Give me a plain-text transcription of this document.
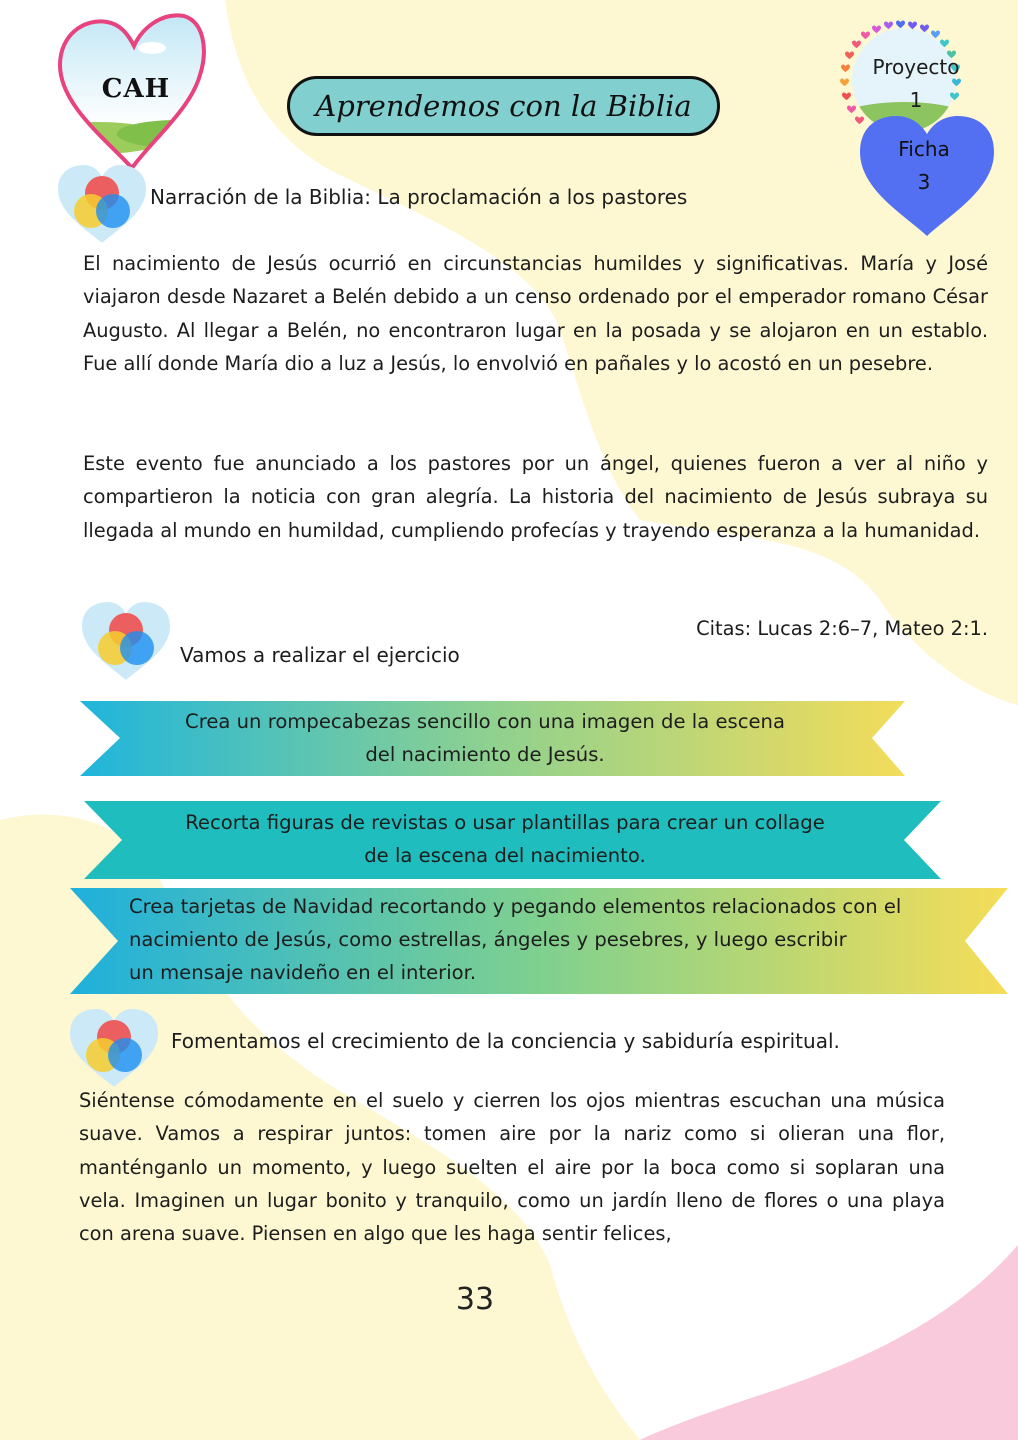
CAH	Aprendemos con la Biblia
Proyecto
1
Ficha
3
Narración de la Biblia: La proclamación a los pastores

El nacimiento de Jesús ocurrió en circunstancias humildes y significativas. María y José viajaron desde Nazaret a Belén debido a un censo ordenado por el emperador romano César Augusto. Al llegar a Belén, no encontraron lugar en la posada y se alojaron en un establo. Fue allí donde María dio a luz a Jesús, lo envolvió en pañales y lo acostó en un pesebre.

Este evento fue anunciado a los pastores por un ángel, quienes fueron a ver al niño y compartieron la noticia con gran alegría. La historia del nacimiento de Jesús subraya su llegada al mundo en humildad, cumpliendo profecías y trayendo esperanza a la humanidad.

Citas: Lucas 2:6–7, Mateo 2:1.
Vamos a realizar el ejercicio
Crea un rompecabezas sencillo con una imagen de la escena
del nacimiento de Jesús.
Recorta figuras de revistas o usar plantillas para crear un collage
de la escena del nacimiento.
Crea tarjetas de Navidad recortando y pegando elementos relacionados con el
nacimiento de Jesús, como estrellas, ángeles y pesebres, y luego escribir
un mensaje navideño en el interior.
Fomentamos el crecimiento de la conciencia y sabiduría espiritual.

Siéntense cómodamente en el suelo y cierren los ojos mientras escuchan una música suave. Vamos a respirar juntos: tomen aire por la nariz como si olieran una flor, manténganlo un momento, y luego suelten el aire por la boca como si soplaran una vela. Imaginen un lugar bonito y tranquilo, como un jardín lleno de flores o una playa con arena suave. Piensen en algo que les haga sentir felices,

33
